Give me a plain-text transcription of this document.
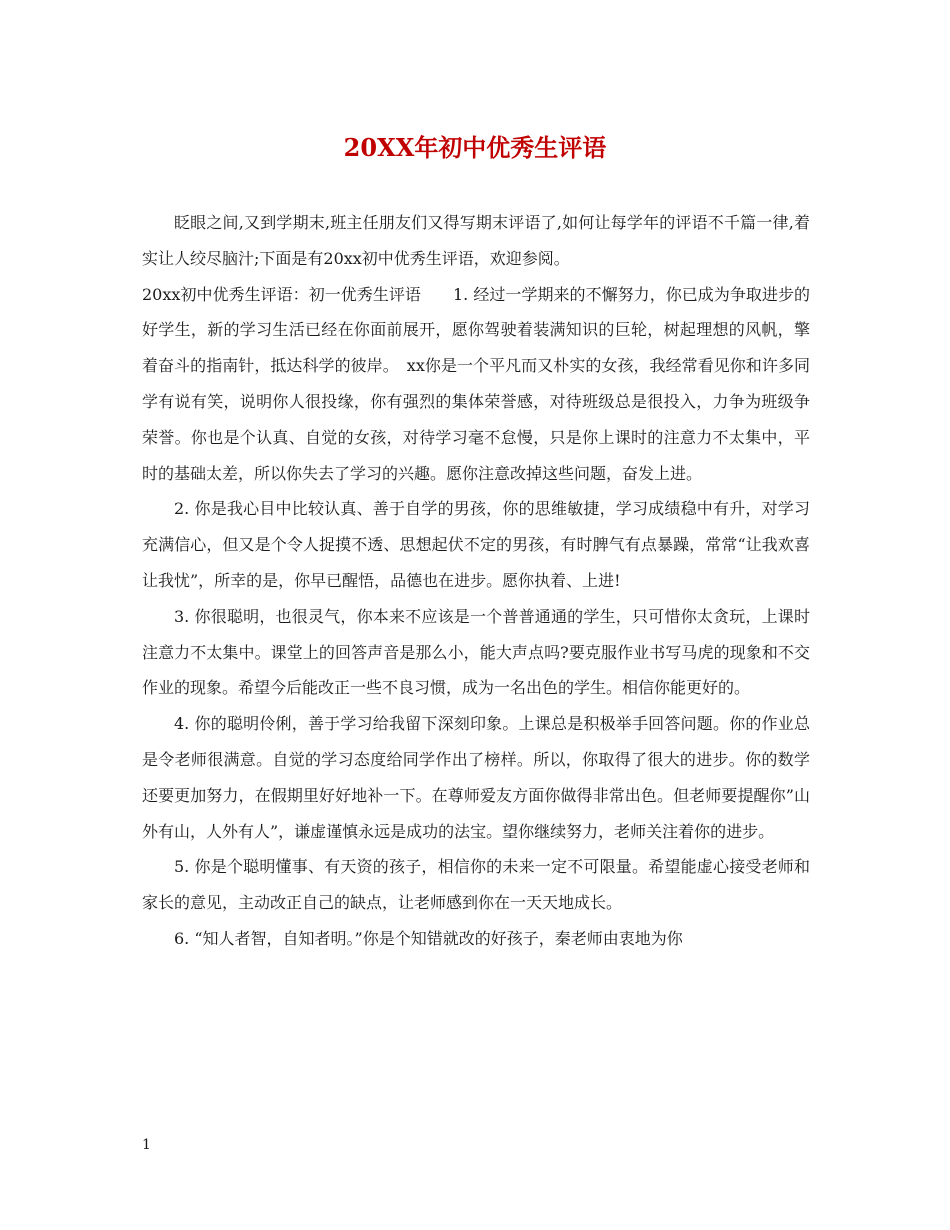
20XX年初中优秀生评语

眨眼之间,又到学期末,班主任朋友们又得写期末评语了,如何让每学年的评语不千篇一律,着实让人绞尽脑汁;下面是有20xx初中优秀生评语，欢迎参阅。

20xx初中优秀生评语：初一优秀生评语　　1. 经过一学期来的不懈努力，你已成为争取进步的好学生，新的学习生活已经在你面前展开，愿你驾驶着装满知识的巨轮，树起理想的风帆，擎着奋斗的指南针，抵达科学的彼岸。　xx你是一个平凡而又朴实的女孩，我经常看见你和许多同学有说有笑，说明你人很投缘，你有强烈的集体荣誉感，对待班级总是很投入，力争为班级争荣誉。你也是个认真、自觉的女孩，对待学习毫不怠慢，只是你上课时的注意力不太集中，平时的基础太差，所以你失去了学习的兴趣。愿你注意改掉这些问题，奋发上进。

2. 你是我心目中比较认真、善于自学的男孩，你的思维敏捷，学习成绩稳中有升，对学习充满信心，但又是个令人捉摸不透、思想起伏不定的男孩，有时脾气有点暴躁，常常“让我欢喜让我忧”，所幸的是，你早已醒悟，品德也在进步。愿你执着、上进!

3. 你很聪明，也很灵气，你本来不应该是一个普普通通的学生，只可惜你太贪玩，上课时注意力不太集中。课堂上的回答声音是那么小，能大声点吗?要克服作业书写马虎的现象和不交作业的现象。希望今后能改正一些不良习惯，成为一名出色的学生。相信你能更好的。

4. 你的聪明伶俐，善于学习给我留下深刻印象。上课总是积极举手回答问题。你的作业总是令老师很满意。自觉的学习态度给同学作出了榜样。所以，你取得了很大的进步。你的数学还要更加努力，在假期里好好地补一下。在尊师爱友方面你做得非常出色。但老师要提醒你”山外有山，人外有人”，谦虚谨慎永远是成功的法宝。望你继续努力，老师关注着你的进步。

5. 你是个聪明懂事、有天资的孩子，相信你的未来一定不可限量。希望能虚心接受老师和家长的意见，主动改正自己的缺点，让老师感到你在一天天地成长。

6. “知人者智，自知者明。”你是个知错就改的好孩子，秦老师由衷地为你

1
